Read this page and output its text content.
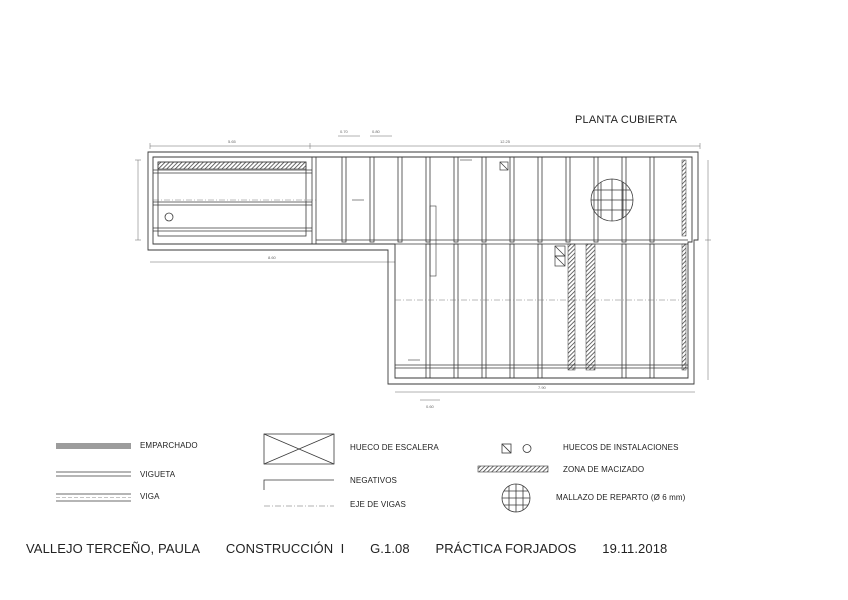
5.65	12.25
0.70	0.80
8.60
7.90
0.60
PLANTA CUBIERTA
EMPARCHADO
VIGUETA
VIGA
HUECO DE ESCALERA
NEGATIVOS
EJE DE VIGAS
HUECOS DE INSTALACIONES
ZONA DE MACIZADO
MALLAZO DE REPARTO (Ø 6 mm)
VALLEJO TERCEÑO, PAULA CONSTRUCCIÓN  I G.1.08 PRÁCTICA FORJADOS 19.11.2018
